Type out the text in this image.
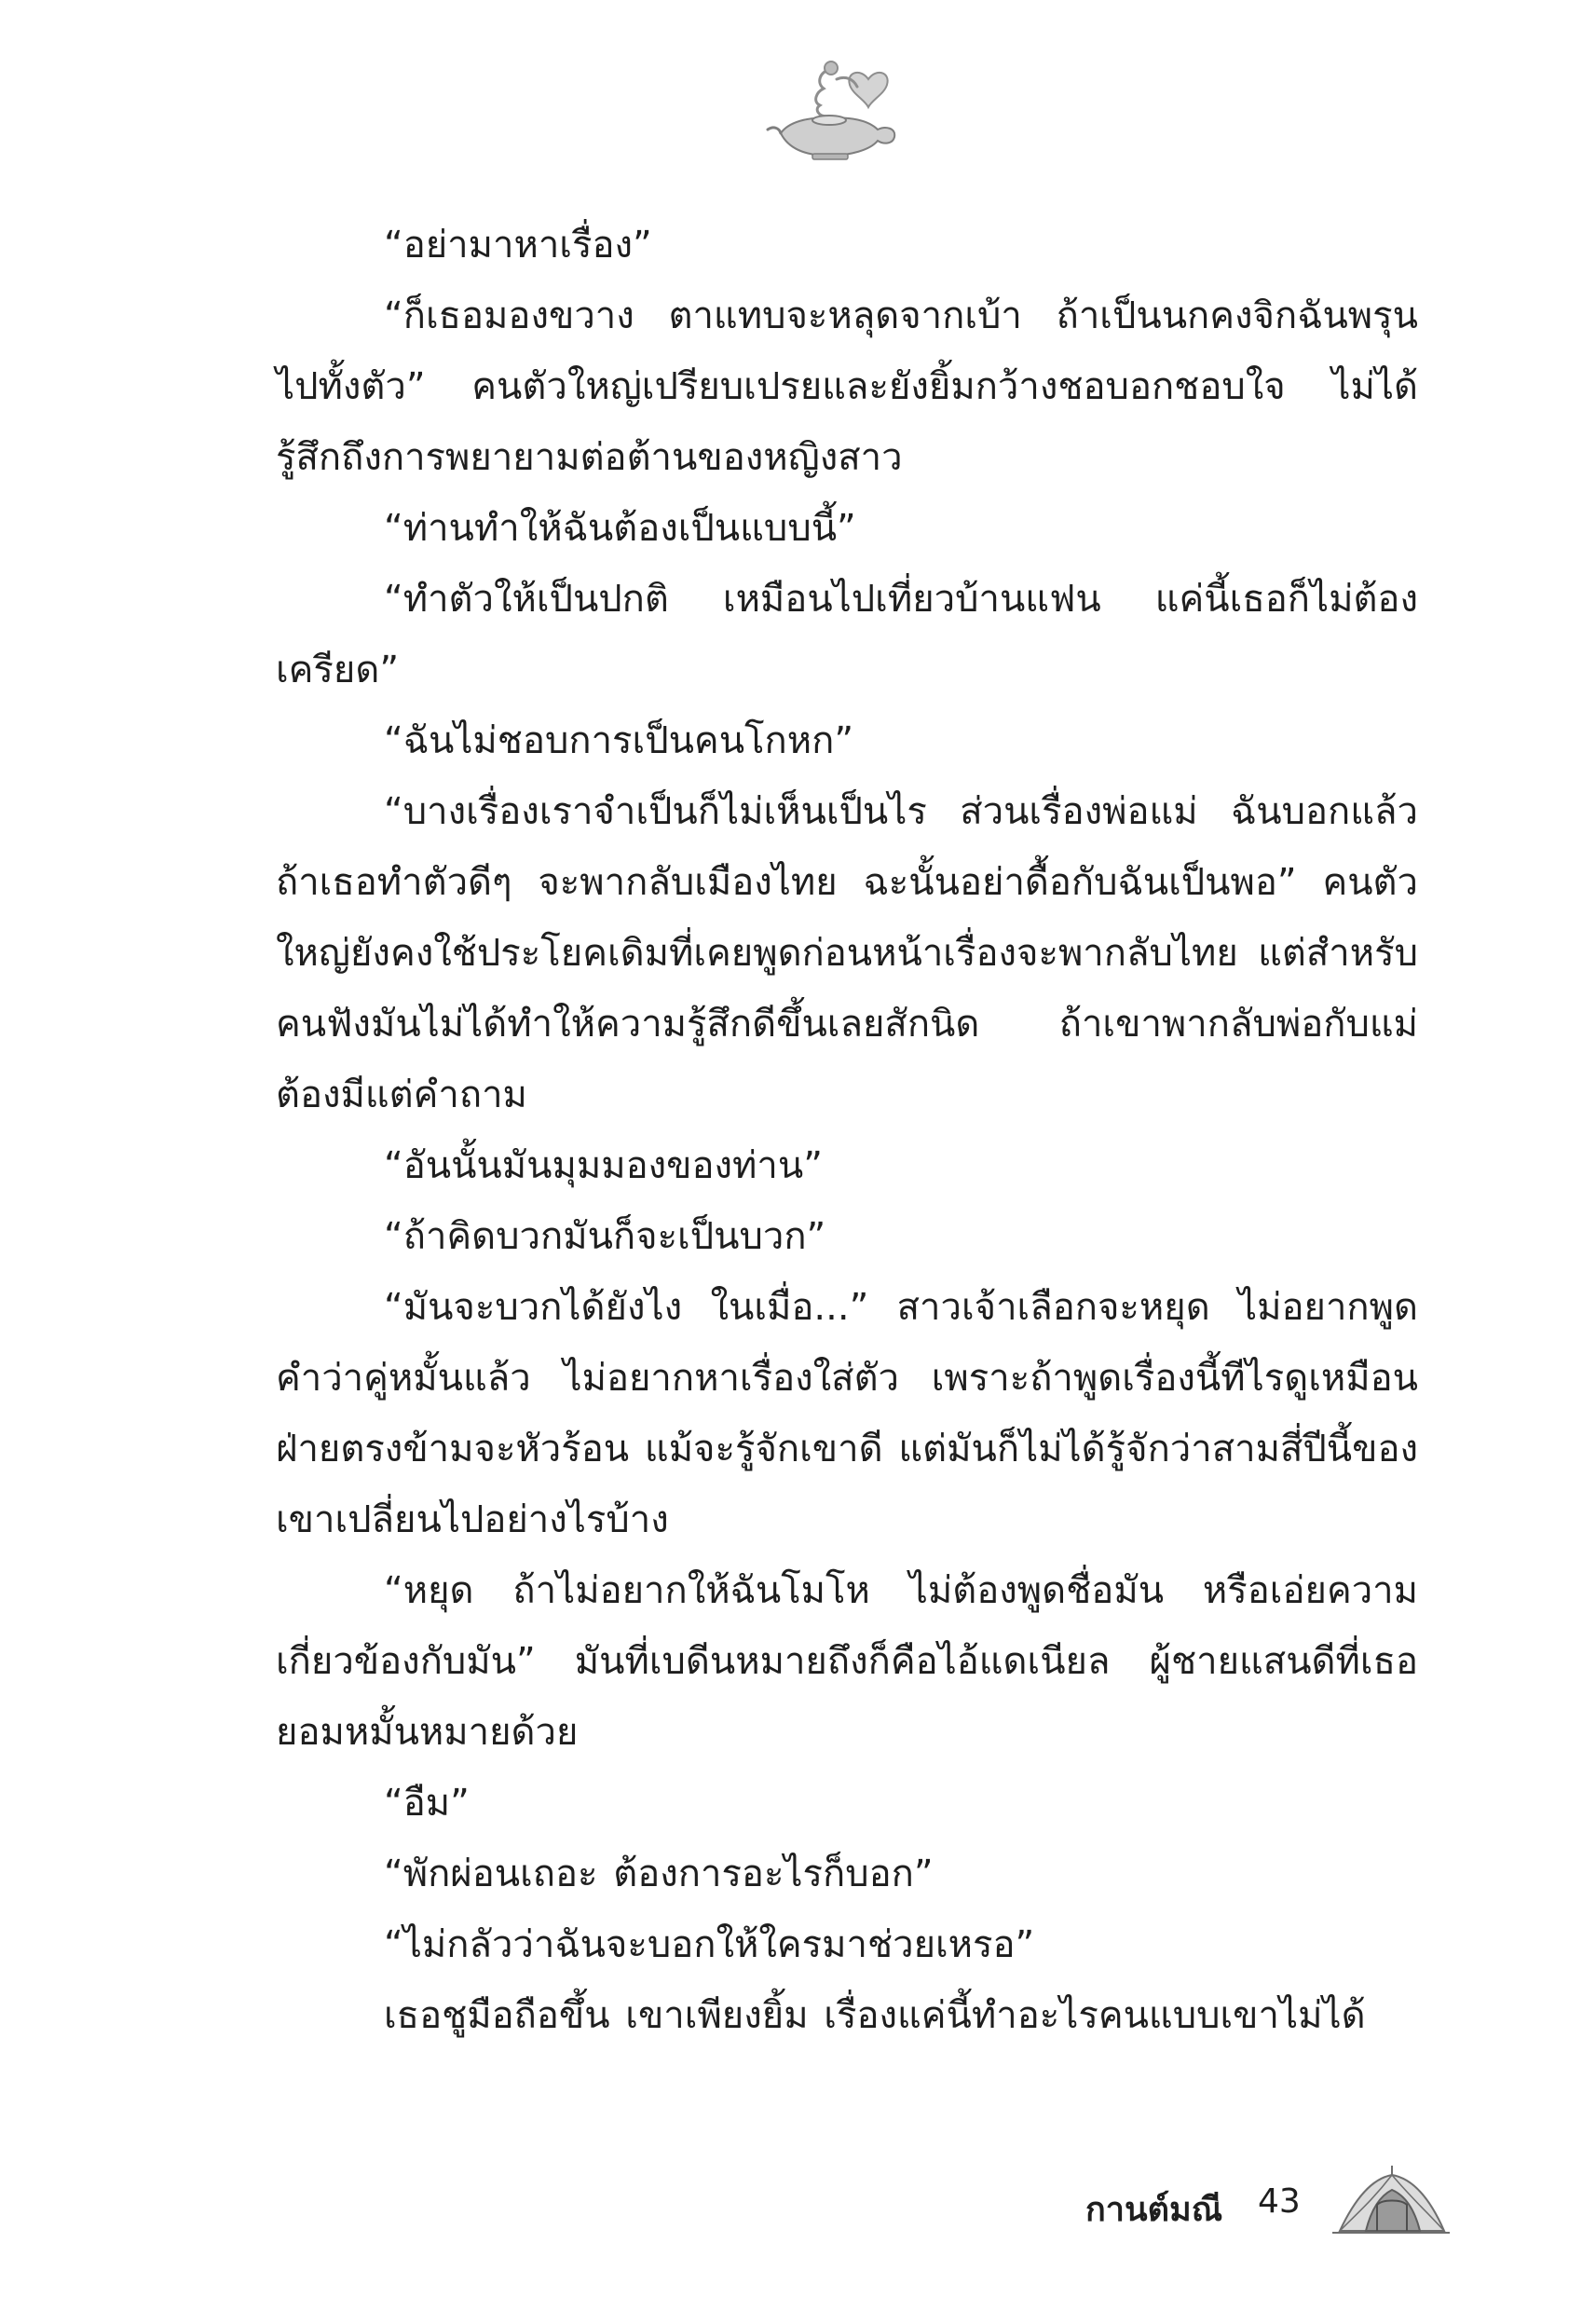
“อย่ามาหาเรื่อง”

“ก็เธอมองขวาง ตาแทบจะหลุดจากเบ้า ถ้าเป็นนกคงจิกฉันพรุนไปทั้งตัว” คนตัวใหญ่เปรียบเปรยและยังยิ้มกว้างชอบอกชอบใจ ไม่ได้รู้สึกถึงการพยายามต่อต้านของหญิงสาว

“ท่านทำให้ฉันต้องเป็นแบบนี้”

“ทำตัวให้เป็นปกติ เหมือนไปเที่ยวบ้านแฟน แค่นี้เธอก็ไม่ต้องเครียด”

“ฉันไม่ชอบการเป็นคนโกหก”

“บางเรื่องเราจำเป็นก็ไม่เห็นเป็นไร ส่วนเรื่องพ่อแม่ ฉันบอกแล้ว ถ้าเธอทำตัวดีๆ จะพากลับเมืองไทย ฉะนั้นอย่าดื้อกับฉันเป็นพอ” คนตัวใหญ่ยังคงใช้ประโยคเดิมที่เคยพูดก่อนหน้าเรื่องจะพากลับไทย แต่สำหรับคนฟังมันไม่ได้ทำให้ความรู้สึกดีขึ้นเลยสักนิด ถ้าเขาพากลับพ่อกับแม่ต้องมีแต่คำถาม

“อันนั้นมันมุมมองของท่าน”

“ถ้าคิดบวกมันก็จะเป็นบวก”

“มันจะบวกได้ยังไง ในเมื่อ...” สาวเจ้าเลือกจะหยุด ไม่อยากพูดคำว่าคู่หมั้นแล้ว ไม่อยากหาเรื่องใส่ตัว เพราะถ้าพูดเรื่องนี้ทีไรดูเหมือนฝ่ายตรงข้ามจะหัวร้อน แม้จะรู้จักเขาดี แต่มันก็ไม่ได้รู้จักว่าสามสี่ปีนี้ของเขาเปลี่ยนไปอย่างไรบ้าง

“หยุด ถ้าไม่อยากให้ฉันโมโห ไม่ต้องพูดชื่อมัน หรือเอ่ยความเกี่ยวข้องกับมัน” มันที่เบดีนหมายถึงก็คือไอ้แดเนียล ผู้ชายแสนดีที่เธอยอมหมั้นหมายด้วย

“อืม”

“พักผ่อนเถอะ ต้องการอะไรก็บอก”

“ไม่กลัวว่าฉันจะบอกให้ใครมาช่วยเหรอ”

เธอชูมือถือขึ้น เขาเพียงยิ้ม เรื่องแค่นี้ทำอะไรคนแบบเขาไม่ได้

กานต์มณี 43
